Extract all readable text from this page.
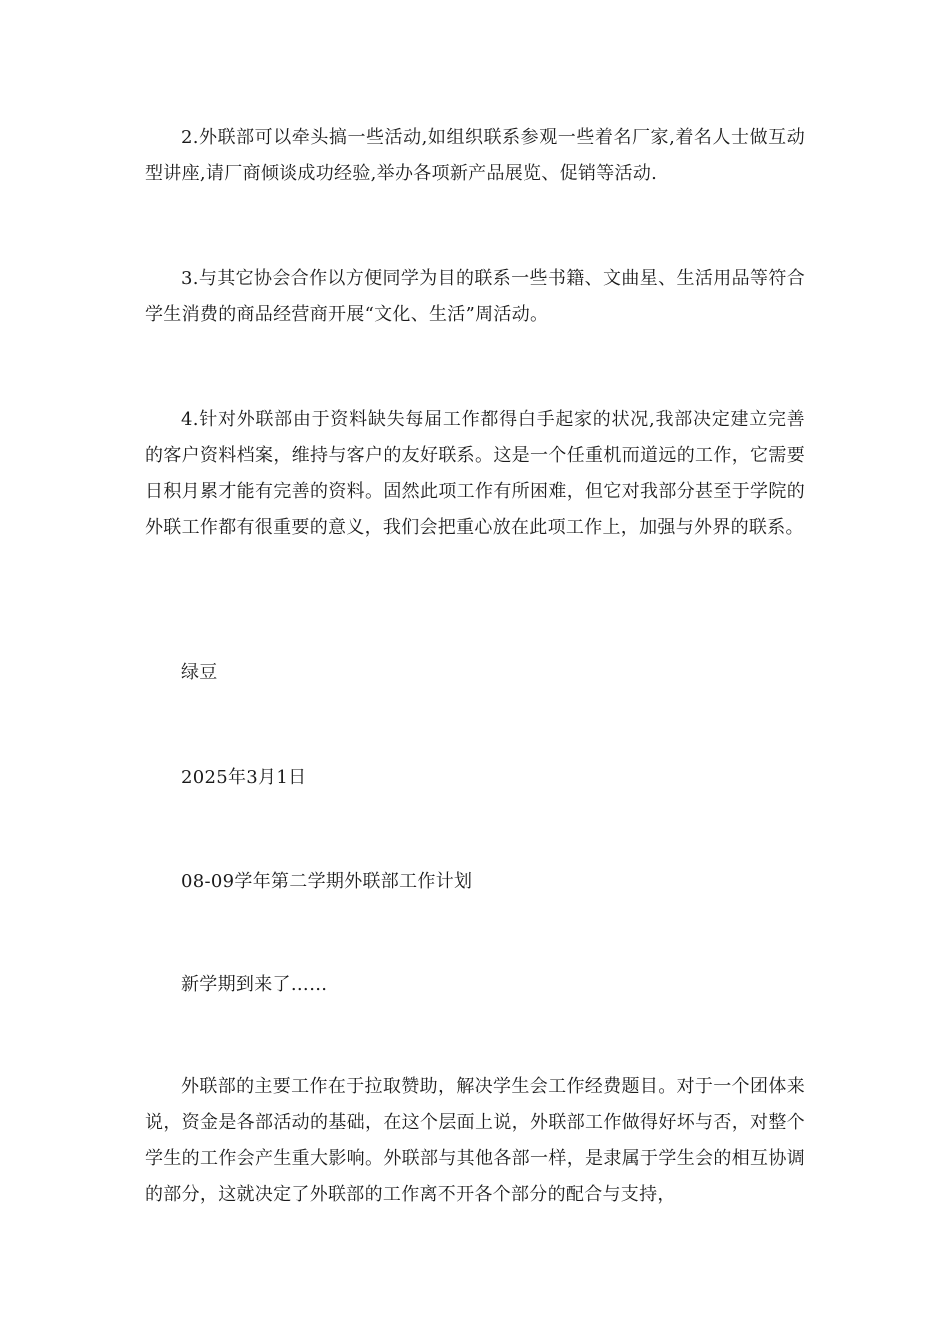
2.外联部可以牵头搞一些活动,如组织联系参观一些着名厂家,着名人士做互动型讲座,请厂商倾谈成功经验,举办各项新产品展览、促销等活动.

3.与其它协会合作以方便同学为目的联系一些书籍、文曲星、生活用品等符合学生消费的商品经营商开展“文化、生活”周活动。

4.针对外联部由于资料缺失每届工作都得白手起家的状况,我部决定建立完善的客户资料档案，维持与客户的友好联系。这是一个任重机而道远的工作，它需要日积月累才能有完善的资料。固然此项工作有所困难，但它对我部分甚至于学院的外联工作都有很重要的意义，我们会把重心放在此项工作上，加强与外界的联系。

绿豆

2025年3月1日

08-09学年第二学期外联部工作计划

新学期到来了……

外联部的主要工作在于拉取赞助，解决学生会工作经费题目。对于一个团体来说，资金是各部活动的基础，在这个层面上说，外联部工作做得好坏与否，对整个学生的工作会产生重大影响。外联部与其他各部一样，是隶属于学生会的相互协调的部分，这就决定了外联部的工作离不开各个部分的配合与支持，
